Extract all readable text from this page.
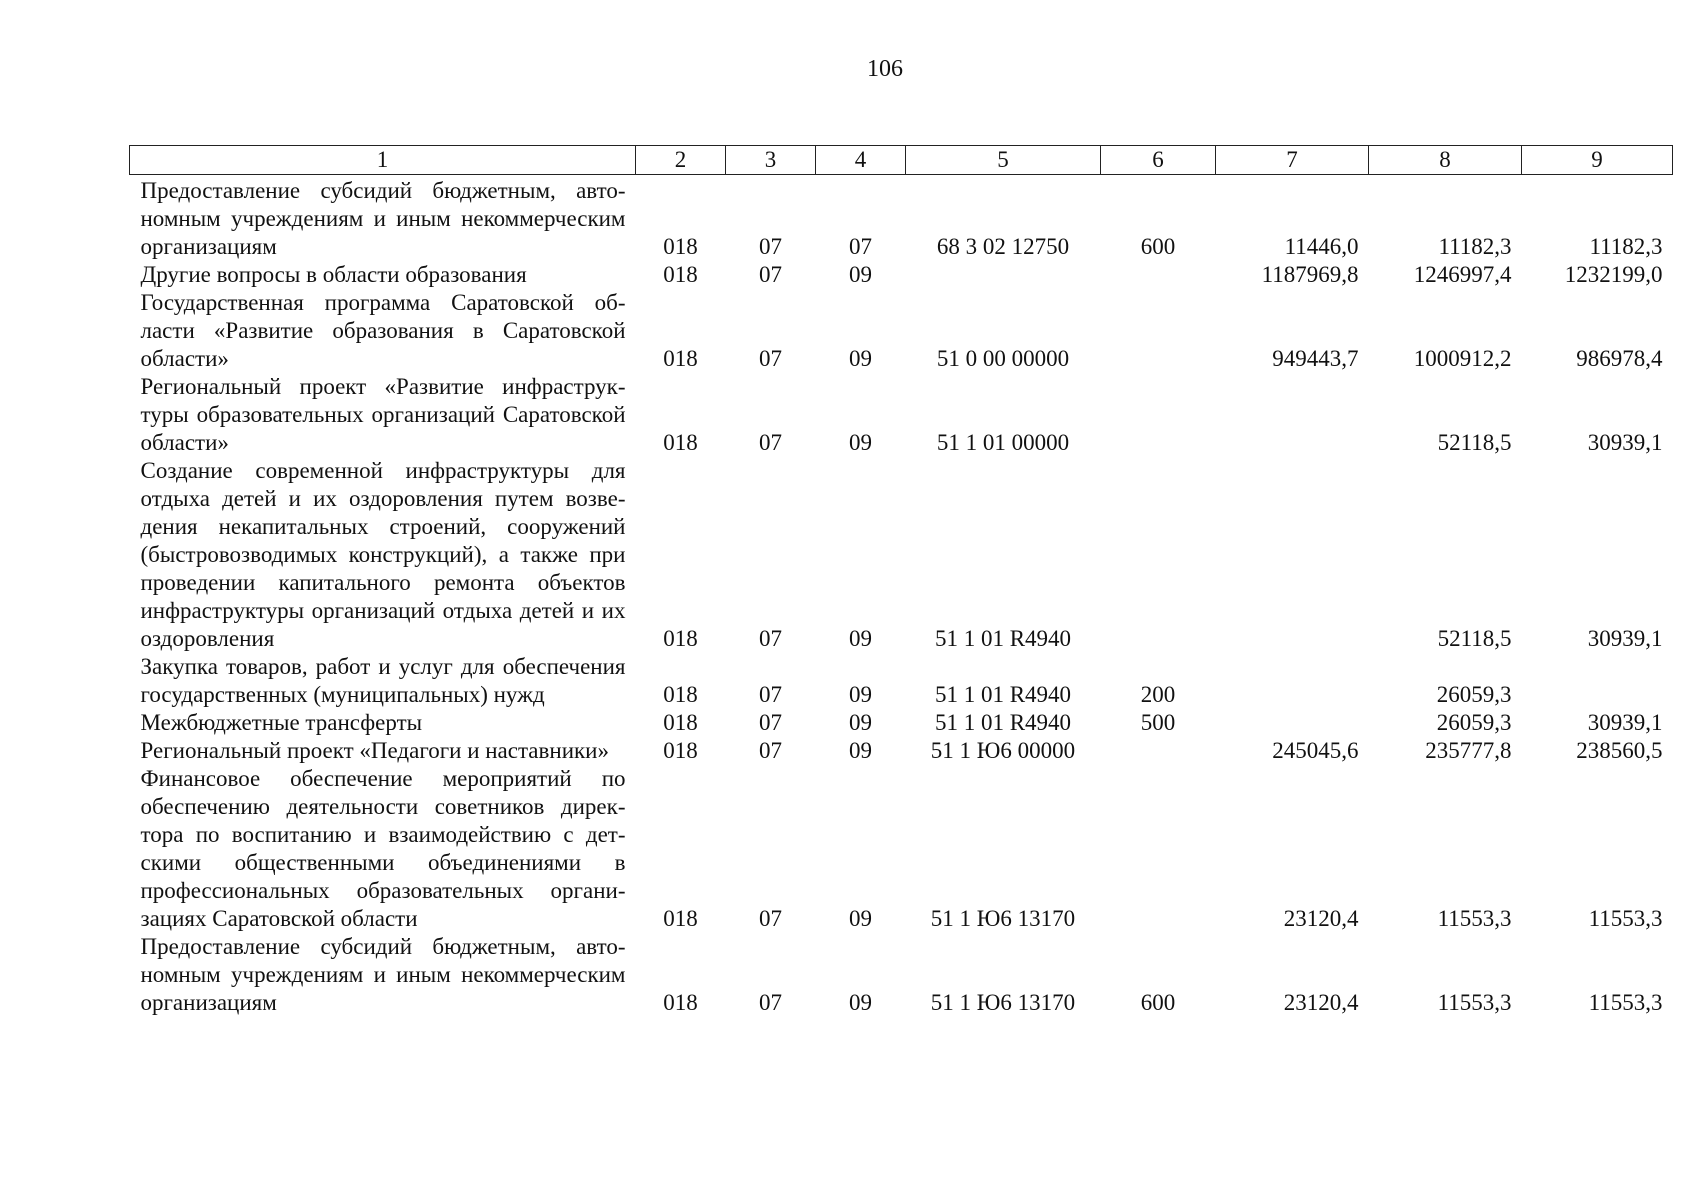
106
1	2	3	4	5	6	7	8	9
Предоставление субсидий бюджетным, автономным учреждениям и иным некоммерческим организациям	018	07	07	68 3 02 12750	600	11446,0	11182,3	11182,3
Другие вопросы в области образования	018	07	09			1187969,8	1246997,4	1232199,0
Государственная программа Саратовской области «Развитие образования в Саратовской области»	018	07	09	51 0 00 00000		949443,7	1000912,2	986978,4
Региональный проект «Развитие инфраструктуры образовательных организаций Саратовской области»	018	07	09	51 1 01 00000			52118,5	30939,1
Создание современной инфраструктуры для отдыха детей и их оздоровления путем возведения некапитальных строений, сооружений (быстровозводимых конструкций), а также при проведении капитального ремонта объектов инфраструктуры организаций отдыха детей и их оздоровления	018	07	09	51 1 01 R4940			52118,5	30939,1
Закупка товаров, работ и услуг для обеспечения государственных (муниципальных) нужд	018	07	09	51 1 01 R4940	200		26059,3	
Межбюджетные трансферты	018	07	09	51 1 01 R4940	500		26059,3	30939,1
Региональный проект «Педагоги и наставники»	018	07	09	51 1 Ю6 00000		245045,6	235777,8	238560,5
Финансовое обеспечение мероприятий по обеспечению деятельности советников директора по воспитанию и взаимодействию с детскими общественными объединениями в профессиональных образовательных организациях Саратовской области	018	07	09	51 1 Ю6 13170		23120,4	11553,3	11553,3
Предоставление субсидий бюджетным, автономным учреждениям и иным некоммерческим организациям	018	07	09	51 1 Ю6 13170	600	23120,4	11553,3	11553,3
